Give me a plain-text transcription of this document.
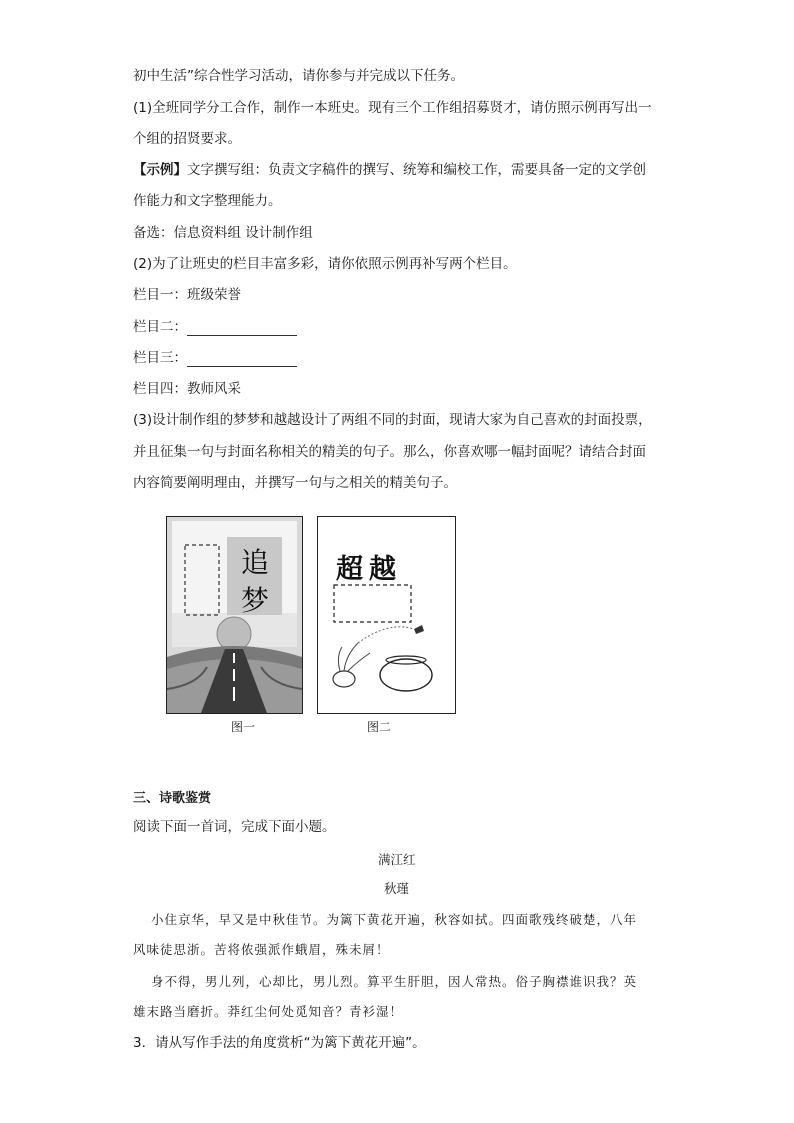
初中生活”综合性学习活动，请你参与并完成以下任务。
(1)全班同学分工合作，制作一本班史。现有三个工作组招募贤才，请仿照示例再写出一
个组的招贤要求。
【示例】文字撰写组：负责文字稿件的撰写、统筹和编校工作，需要具备一定的文学创
作能力和文字整理能力。
备选：信息资料组 设计制作组
(2)为了让班史的栏目丰富多彩，请你依照示例再补写两个栏目。
栏目一：班级荣誉
栏目二：
栏目三：
栏目四：教师风采
(3)设计制作组的梦梦和越越设计了两组不同的封面，现请大家为自己喜欢的封面投票，
并且征集一句与封面名称相关的精美的句子。那么，你喜欢哪一幅封面呢？请结合封面
内容简要阐明理由，并撰写一句与之相关的精美句子。
追
梦
图一
超越
图二
三、诗歌鉴赏
阅读下面一首词，完成下面小题。
满江红
秋瑾
小住京华，早又是中秋佳节。为篱下黄花开遍，秋容如拭。四面歌残终破楚，八年
风味徒思浙。苦将侬强派作蛾眉，殊未屑！
身不得，男儿列，心却比，男儿烈。算平生肝胆，因人常热。俗子胸襟谁识我？英
雄末路当磨折。莽红尘何处觅知音？青衫湿！
3．请从写作手法的角度赏析“为篱下黄花开遍”。
